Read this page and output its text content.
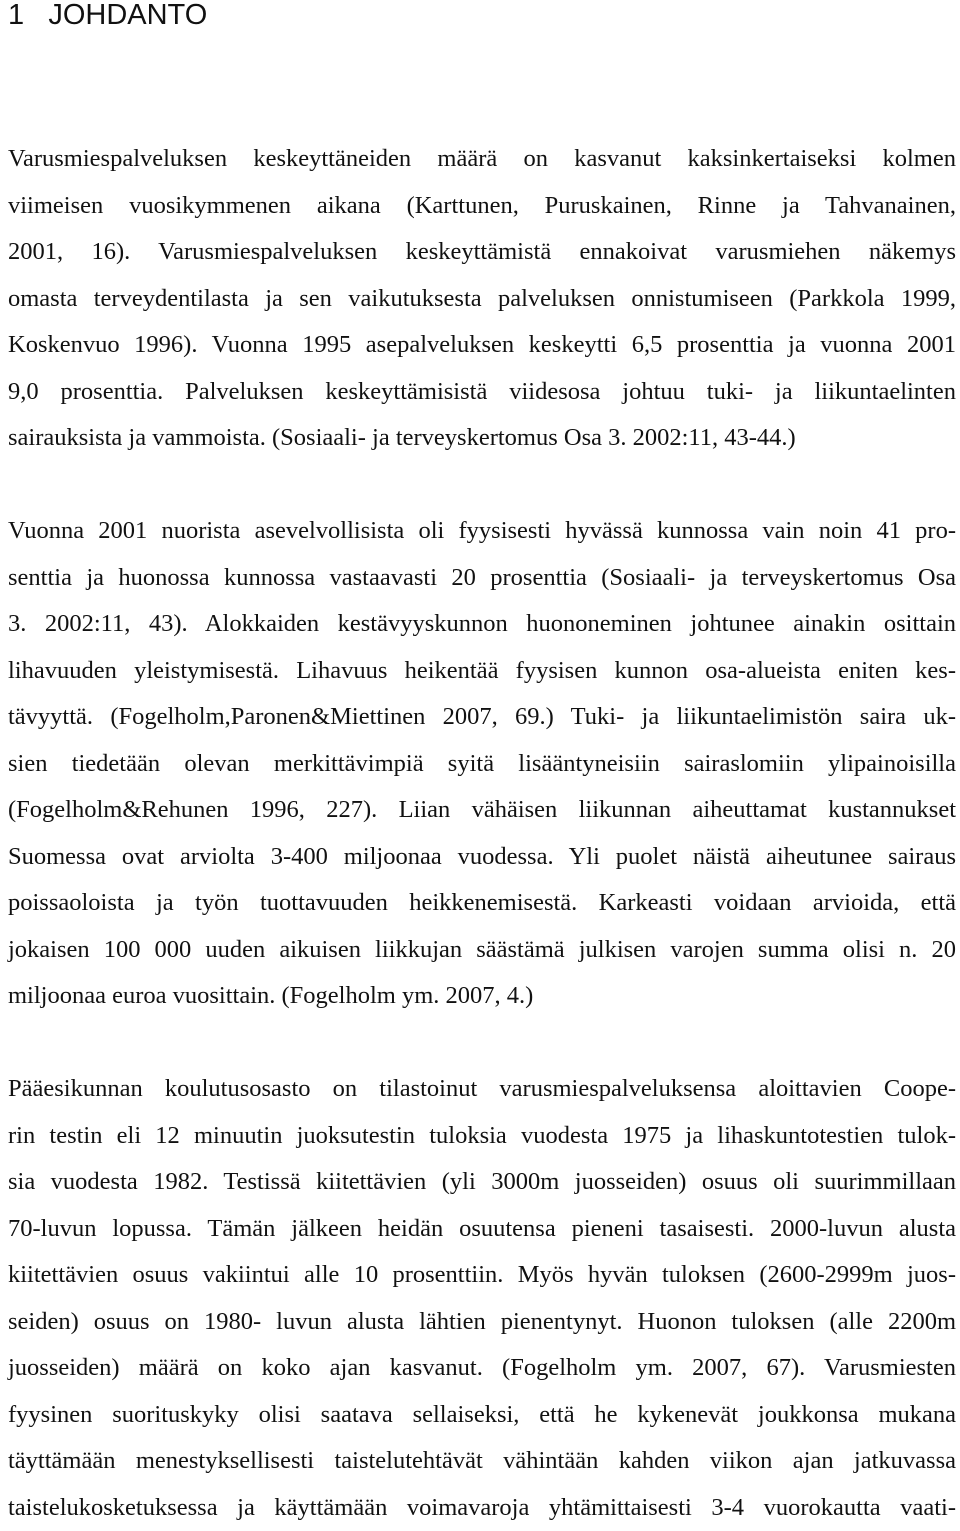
1 JOHDANTO
Varusmiespalveluksen keskeyttäneiden määrä on kasvanut kaksinkertaiseksi kolmen
viimeisen vuosikymmenen aikana (Karttunen, Puruskainen, Rinne ja Tahvanainen,
2001, 16). Varusmiespalveluksen keskeyttämistä ennakoivat varusmiehen näkemys
omasta terveydentilasta ja sen vaikutuksesta palveluksen onnistumiseen (Parkkola 1999,
Koskenvuo 1996). Vuonna 1995 asepalveluksen keskeytti 6,5 prosenttia ja vuonna 2001
9,0 prosenttia. Palveluksen keskeyttämisistä viidesosa johtuu tuki- ja liikuntaelinten
sairauksista ja vammoista. (Sosiaali- ja terveyskertomus Osa 3. 2002:11, 43-44.)
Vuonna 2001 nuorista asevelvollisista oli fyysisesti hyvässä kunnossa vain noin 41 pro-
senttia ja huonossa kunnossa vastaavasti 20 prosenttia (Sosiaali- ja terveyskertomus Osa
3. 2002:11, 43). Alokkaiden kestävyyskunnon huononeminen johtunee ainakin osittain
lihavuuden yleistymisestä. Lihavuus heikentää fyysisen kunnon osa-alueista eniten kes-
tävyyttä. (Fogelholm,Paronen&Miettinen 2007, 69.) Tuki- ja liikuntaelimistön saira uk-
sien tiedetään olevan merkittävimpiä syitä lisääntyneisiin sairaslomiin ylipainoisilla
(Fogelholm&Rehunen 1996, 227). Liian vähäisen liikunnan aiheuttamat kustannukset
Suomessa ovat arviolta 3-400 miljoonaa vuodessa. Yli puolet näistä aiheutunee sairaus
poissaoloista ja työn tuottavuuden heikkenemisestä. Karkeasti voidaan arvioida, että
jokaisen 100 000 uuden aikuisen liikkujan säästämä julkisen varojen summa olisi n. 20
miljoonaa euroa vuosittain. (Fogelholm ym. 2007, 4.)
Pääesikunnan koulutusosasto on tilastoinut varusmiespalveluksensa aloittavien Coope-
rin testin eli 12 minuutin juoksutestin tuloksia vuodesta 1975 ja lihaskuntotestien tulok-
sia vuodesta 1982. Testissä kiitettävien (yli 3000m juosseiden) osuus oli suurimmillaan
70-luvun lopussa. Tämän jälkeen heidän osuutensa pieneni tasaisesti. 2000-luvun alusta
kiitettävien osuus vakiintui alle 10 prosenttiin. Myös hyvän tuloksen (2600-2999m juos-
seiden) osuus on 1980- luvun alusta lähtien pienentynyt. Huonon tuloksen (alle 2200m
juosseiden) määrä on koko ajan kasvanut. (Fogelholm ym. 2007, 67). Varusmiesten
fyysinen suorituskyky olisi saatava sellaiseksi, että he kykenevät joukkonsa mukana
täyttämään menestyksellisesti taistelutehtävät vähintään kahden viikon ajan jatkuvassa
taistelukosketuksessa ja käyttämään voimavaroja yhtämittaisesti 3-4 vuorokautta vaati-
